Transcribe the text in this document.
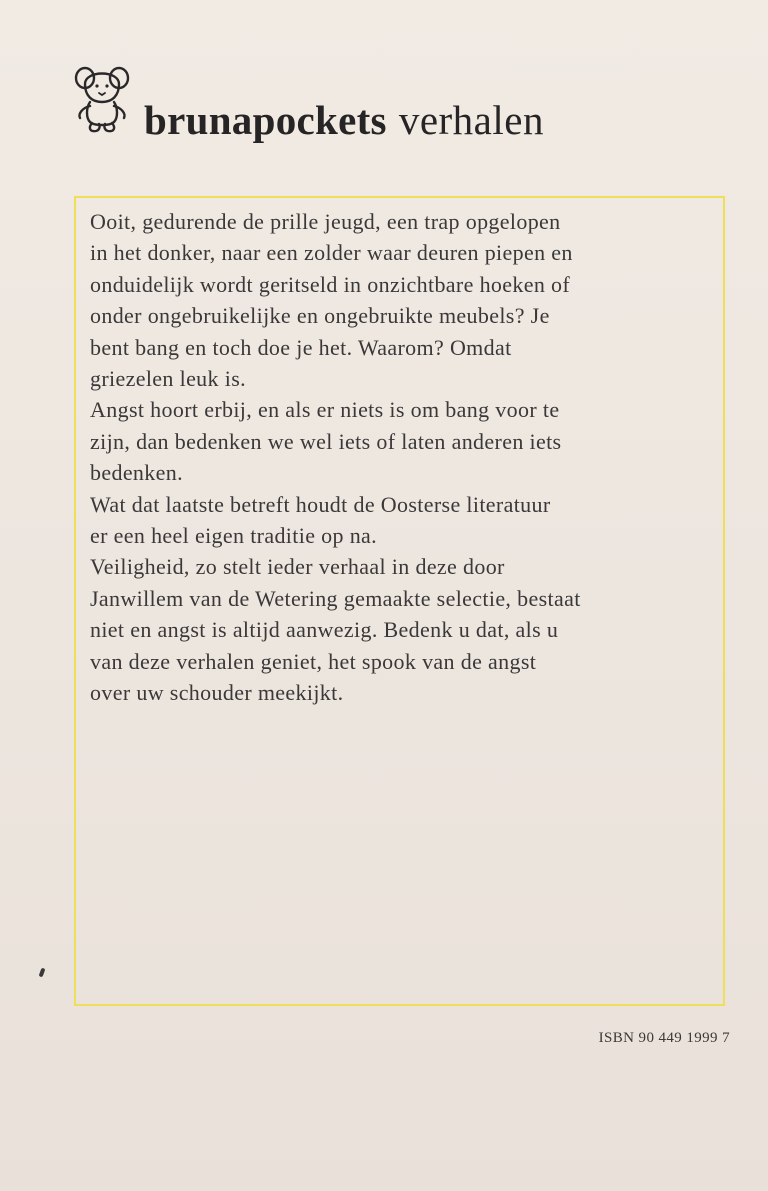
brunapockets verhalen

Ooit, gedurende de prille jeugd, een trap opgelopen

in het donker, naar een zolder waar deuren piepen en

onduidelijk wordt geritseld in onzichtbare hoeken of

onder ongebruikelijke en ongebruikte meubels? Je

bent bang en toch doe je het. Waarom? Omdat

griezelen leuk is.

Angst hoort erbij, en als er niets is om bang voor te

zijn, dan bedenken we wel iets of laten anderen iets

bedenken.

Wat dat laatste betreft houdt de Oosterse literatuur

er een heel eigen traditie op na.

Veiligheid, zo stelt ieder verhaal in deze door

Janwillem van de Wetering gemaakte selectie, bestaat

niet en angst is altijd aanwezig. Bedenk u dat, als u

van deze verhalen geniet, het spook van de angst

over uw schouder meekijkt.

ISBN 90 449 1999 7
